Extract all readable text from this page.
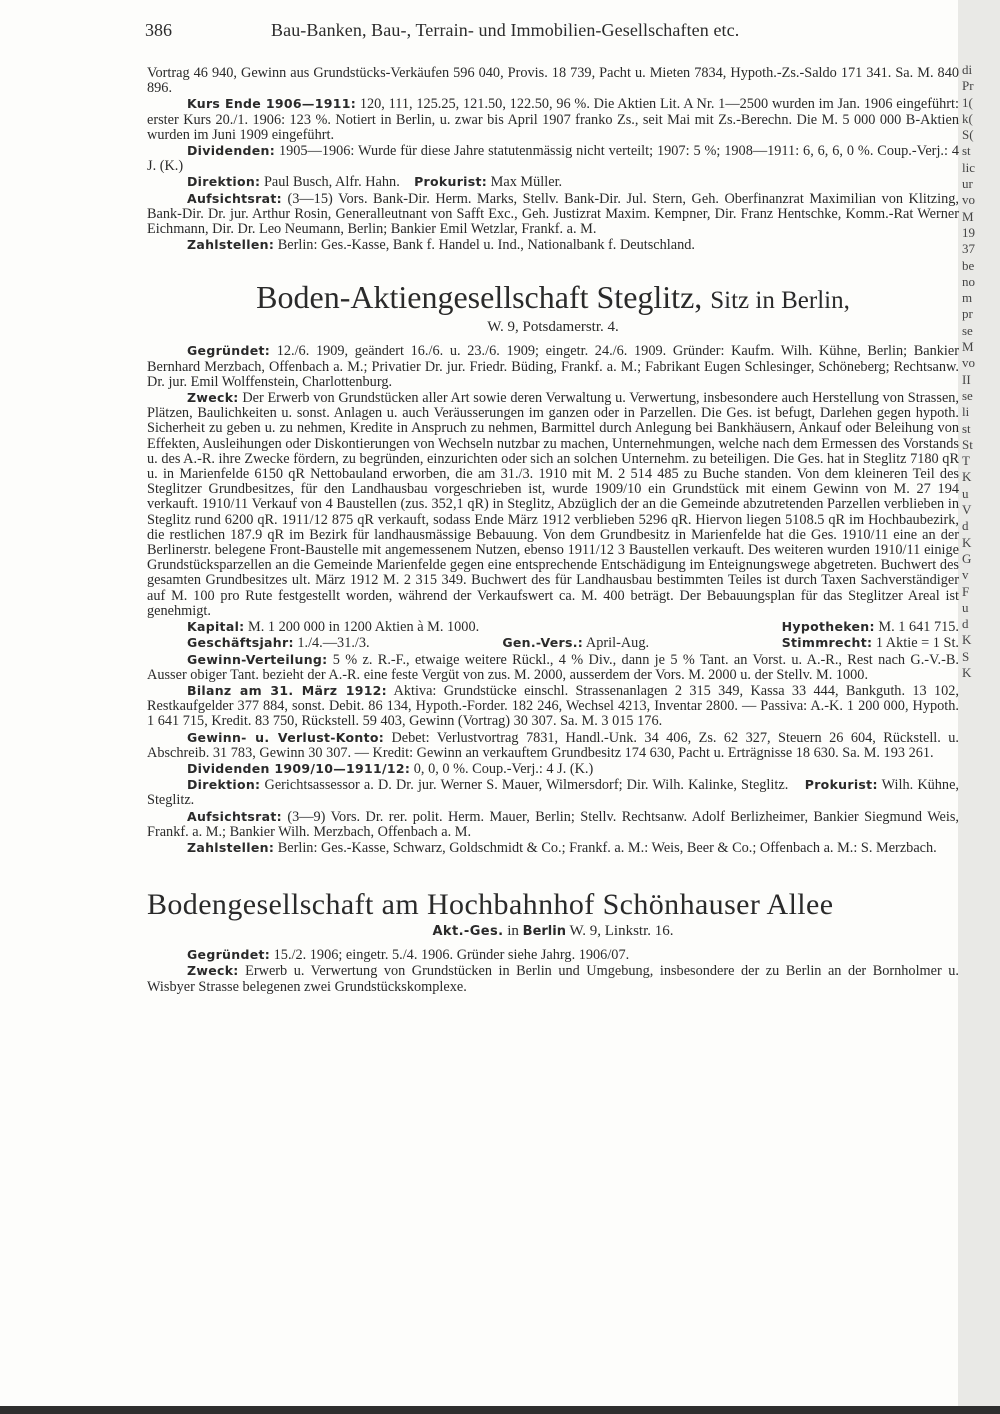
di
Pr
1(
k(
S(
st
lic
ur
vo
M
19
37
be
no
m
pr
se
M
vo
II
se
li
st
St
T
K
u
V
d
K
G
v
F
u
d
K
S
K
386	Bau-Banken, Bau-, Terrain- und Immobilien-Gesellschaften etc.

Vortrag 46 940, Gewinn aus Grundstücks-Verkäufen 596 040, Provis. 18 739, Pacht u. Mieten 7834, Hypoth.-Zs.-Saldo 171 341. Sa. M. 840 896.

Kurs Ende 1906—1911: 120, 111, 125.25, 121.50, 122.50, 96 %. Die Aktien Lit. A Nr. 1—2500 wurden im Jan. 1906 eingeführt: erster Kurs 20./1. 1906: 123 %. Notiert in Berlin, u. zwar bis April 1907 franko Zs., seit Mai mit Zs.-Berechn. Die M. 5 000 000 B-Aktien wurden im Juni 1909 eingeführt.

Dividenden: 1905—1906: Wurde für diese Jahre statutenmässig nicht verteilt; 1907: 5 %; 1908—1911: 6, 6, 6, 0 %. Coup.-Verj.: 4 J. (K.)

Direktion: Paul Busch, Alfr. Hahn. Prokurist: Max Müller.

Aufsichtsrat: (3—15) Vors. Bank-Dir. Herm. Marks, Stellv. Bank-Dir. Jul. Stern, Geh. Oberfinanzrat Maximilian von Klitzing, Bank-Dir. Dr. jur. Arthur Rosin, Generalleutnant von Safft Exc., Geh. Justizrat Maxim. Kempner, Dir. Franz Hentschke, Komm.-Rat Werner Eichmann, Dir. Dr. Leo Neumann, Berlin; Bankier Emil Wetzlar, Frankf. a. M.

Zahlstellen: Berlin: Ges.-Kasse, Bank f. Handel u. Ind., Nationalbank f. Deutschland.

Boden-Aktiengesellschaft Steglitz, Sitz in Berlin,
W. 9, Potsdamerstr. 4.

Gegründet: 12./6. 1909, geändert 16./6. u. 23./6. 1909; eingetr. 24./6. 1909. Gründer: Kaufm. Wilh. Kühne, Berlin; Bankier Bernhard Merzbach, Offenbach a. M.; Privatier Dr. jur. Friedr. Büding, Frankf. a. M.; Fabrikant Eugen Schlesinger, Schöneberg; Rechtsanw. Dr. jur. Emil Wolffenstein, Charlottenburg.

Zweck: Der Erwerb von Grundstücken aller Art sowie deren Verwaltung u. Verwertung, insbesondere auch Herstellung von Strassen, Plätzen, Baulichkeiten u. sonst. Anlagen u. auch Veräusserungen im ganzen oder in Parzellen. Die Ges. ist befugt, Darlehen gegen hypoth. Sicherheit zu geben u. zu nehmen, Kredite in Anspruch zu nehmen, Barmittel durch Anlegung bei Bankhäusern, Ankauf oder Beleihung von Effekten, Ausleihungen oder Diskontierungen von Wechseln nutzbar zu machen, Unternehmungen, welche nach dem Ermessen des Vorstands u. des A.-R. ihre Zwecke fördern, zu begründen, einzurichten oder sich an solchen Unternehm. zu beteiligen. Die Ges. hat in Steglitz 7180 qR u. in Marienfelde 6150 qR Nettobauland erworben, die am 31./3. 1910 mit M. 2 514 485 zu Buche standen. Von dem kleineren Teil des Steglitzer Grundbesitzes, für den Landhausbau vorgeschrieben ist, wurde 1909/10 ein Grundstück mit einem Gewinn von M. 27 194 verkauft. 1910/11 Verkauf von 4 Baustellen (zus. 352,1 qR) in Steglitz, Abzüglich der an die Gemeinde abzutretenden Parzellen verblieben in Steglitz rund 6200 qR. 1911/12 875 qR verkauft, sodass Ende März 1912 verblieben 5296 qR. Hiervon liegen 5108.5 qR im Hochbaubezirk, die restlichen 187.9 qR im Bezirk für landhausmässige Bebauung. Von dem Grundbesitz in Marienfelde hat die Ges. 1910/11 eine an der Berlinerstr. belegene Front-Baustelle mit angemessenem Nutzen, ebenso 1911/12 3 Baustellen verkauft. Des weiteren wurden 1910/11 einige Grundstücksparzellen an die Gemeinde Marienfelde gegen eine entsprechende Entschädigung im Enteignungswege abgetreten. Buchwert des gesamten Grundbesitzes ult. März 1912 M. 2 315 349. Buchwert des für Landhausbau bestimmten Teiles ist durch Taxen Sachverständiger auf M. 100 pro Rute festgestellt worden, während der Verkaufswert ca. M. 400 beträgt. Der Bebauungsplan für das Steglitzer Areal ist genehmigt.

Kapital: M. 1 200 000 in 1200 Aktien à M. 1000.	Hypotheken: M. 1 641 715.

Geschäftsjahr: 1./4.—31./3.	Gen.-Vers.: April-Aug.	Stimmrecht: 1 Aktie = 1 St.

Gewinn-Verteilung: 5 % z. R.-F., etwaige weitere Rückl., 4 % Div., dann je 5 % Tant. an Vorst. u. A.-R., Rest nach G.-V.-B. Ausser obiger Tant. bezieht der A.-R. eine feste Vergüt von zus. M. 2000, ausserdem der Vors. M. 2000 u. der Stellv. M. 1000.

Bilanz am 31. März 1912: Aktiva: Grundstücke einschl. Strassenanlagen 2 315 349, Kassa 33 444, Bankguth. 13 102, Restkaufgelder 377 884, sonst. Debit. 86 134, Hypoth.-Forder. 182 246, Wechsel 4213, Inventar 2800. — Passiva: A.-K. 1 200 000, Hypoth. 1 641 715, Kredit. 83 750, Rückstell. 59 403, Gewinn (Vortrag) 30 307. Sa. M. 3 015 176.

Gewinn- u. Verlust-Konto: Debet: Verlustvortrag 7831, Handl.-Unk. 34 406, Zs. 62 327, Steuern 26 604, Rückstell. u. Abschreib. 31 783, Gewinn 30 307. — Kredit: Gewinn an verkauftem Grundbesitz 174 630, Pacht u. Erträgnisse 18 630. Sa. M. 193 261.

Dividenden 1909/10—1911/12: 0, 0, 0 %. Coup.-Verj.: 4 J. (K.)

Direktion: Gerichtsassessor a. D. Dr. jur. Werner S. Mauer, Wilmersdorf; Dir. Wilh. Kalinke, Steglitz. Prokurist: Wilh. Kühne, Steglitz.

Aufsichtsrat: (3—9) Vors. Dr. rer. polit. Herm. Mauer, Berlin; Stellv. Rechtsanw. Adolf Berlizheimer, Bankier Siegmund Weis, Frankf. a. M.; Bankier Wilh. Merzbach, Offenbach a. M.

Zahlstellen: Berlin: Ges.-Kasse, Schwarz, Goldschmidt & Co.; Frankf. a. M.: Weis, Beer & Co.; Offenbach a. M.: S. Merzbach.

Bodengesellschaft am Hochbahnhof Schönhauser Allee
Akt.-Ges. in Berlin W. 9, Linkstr. 16.

Gegründet: 15./2. 1906; eingetr. 5./4. 1906. Gründer siehe Jahrg. 1906/07.

Zweck: Erwerb u. Verwertung von Grundstücken in Berlin und Umgebung, insbesondere der zu Berlin an der Bornholmer u. Wisbyer Strasse belegenen zwei Grundstückskomplexe.
